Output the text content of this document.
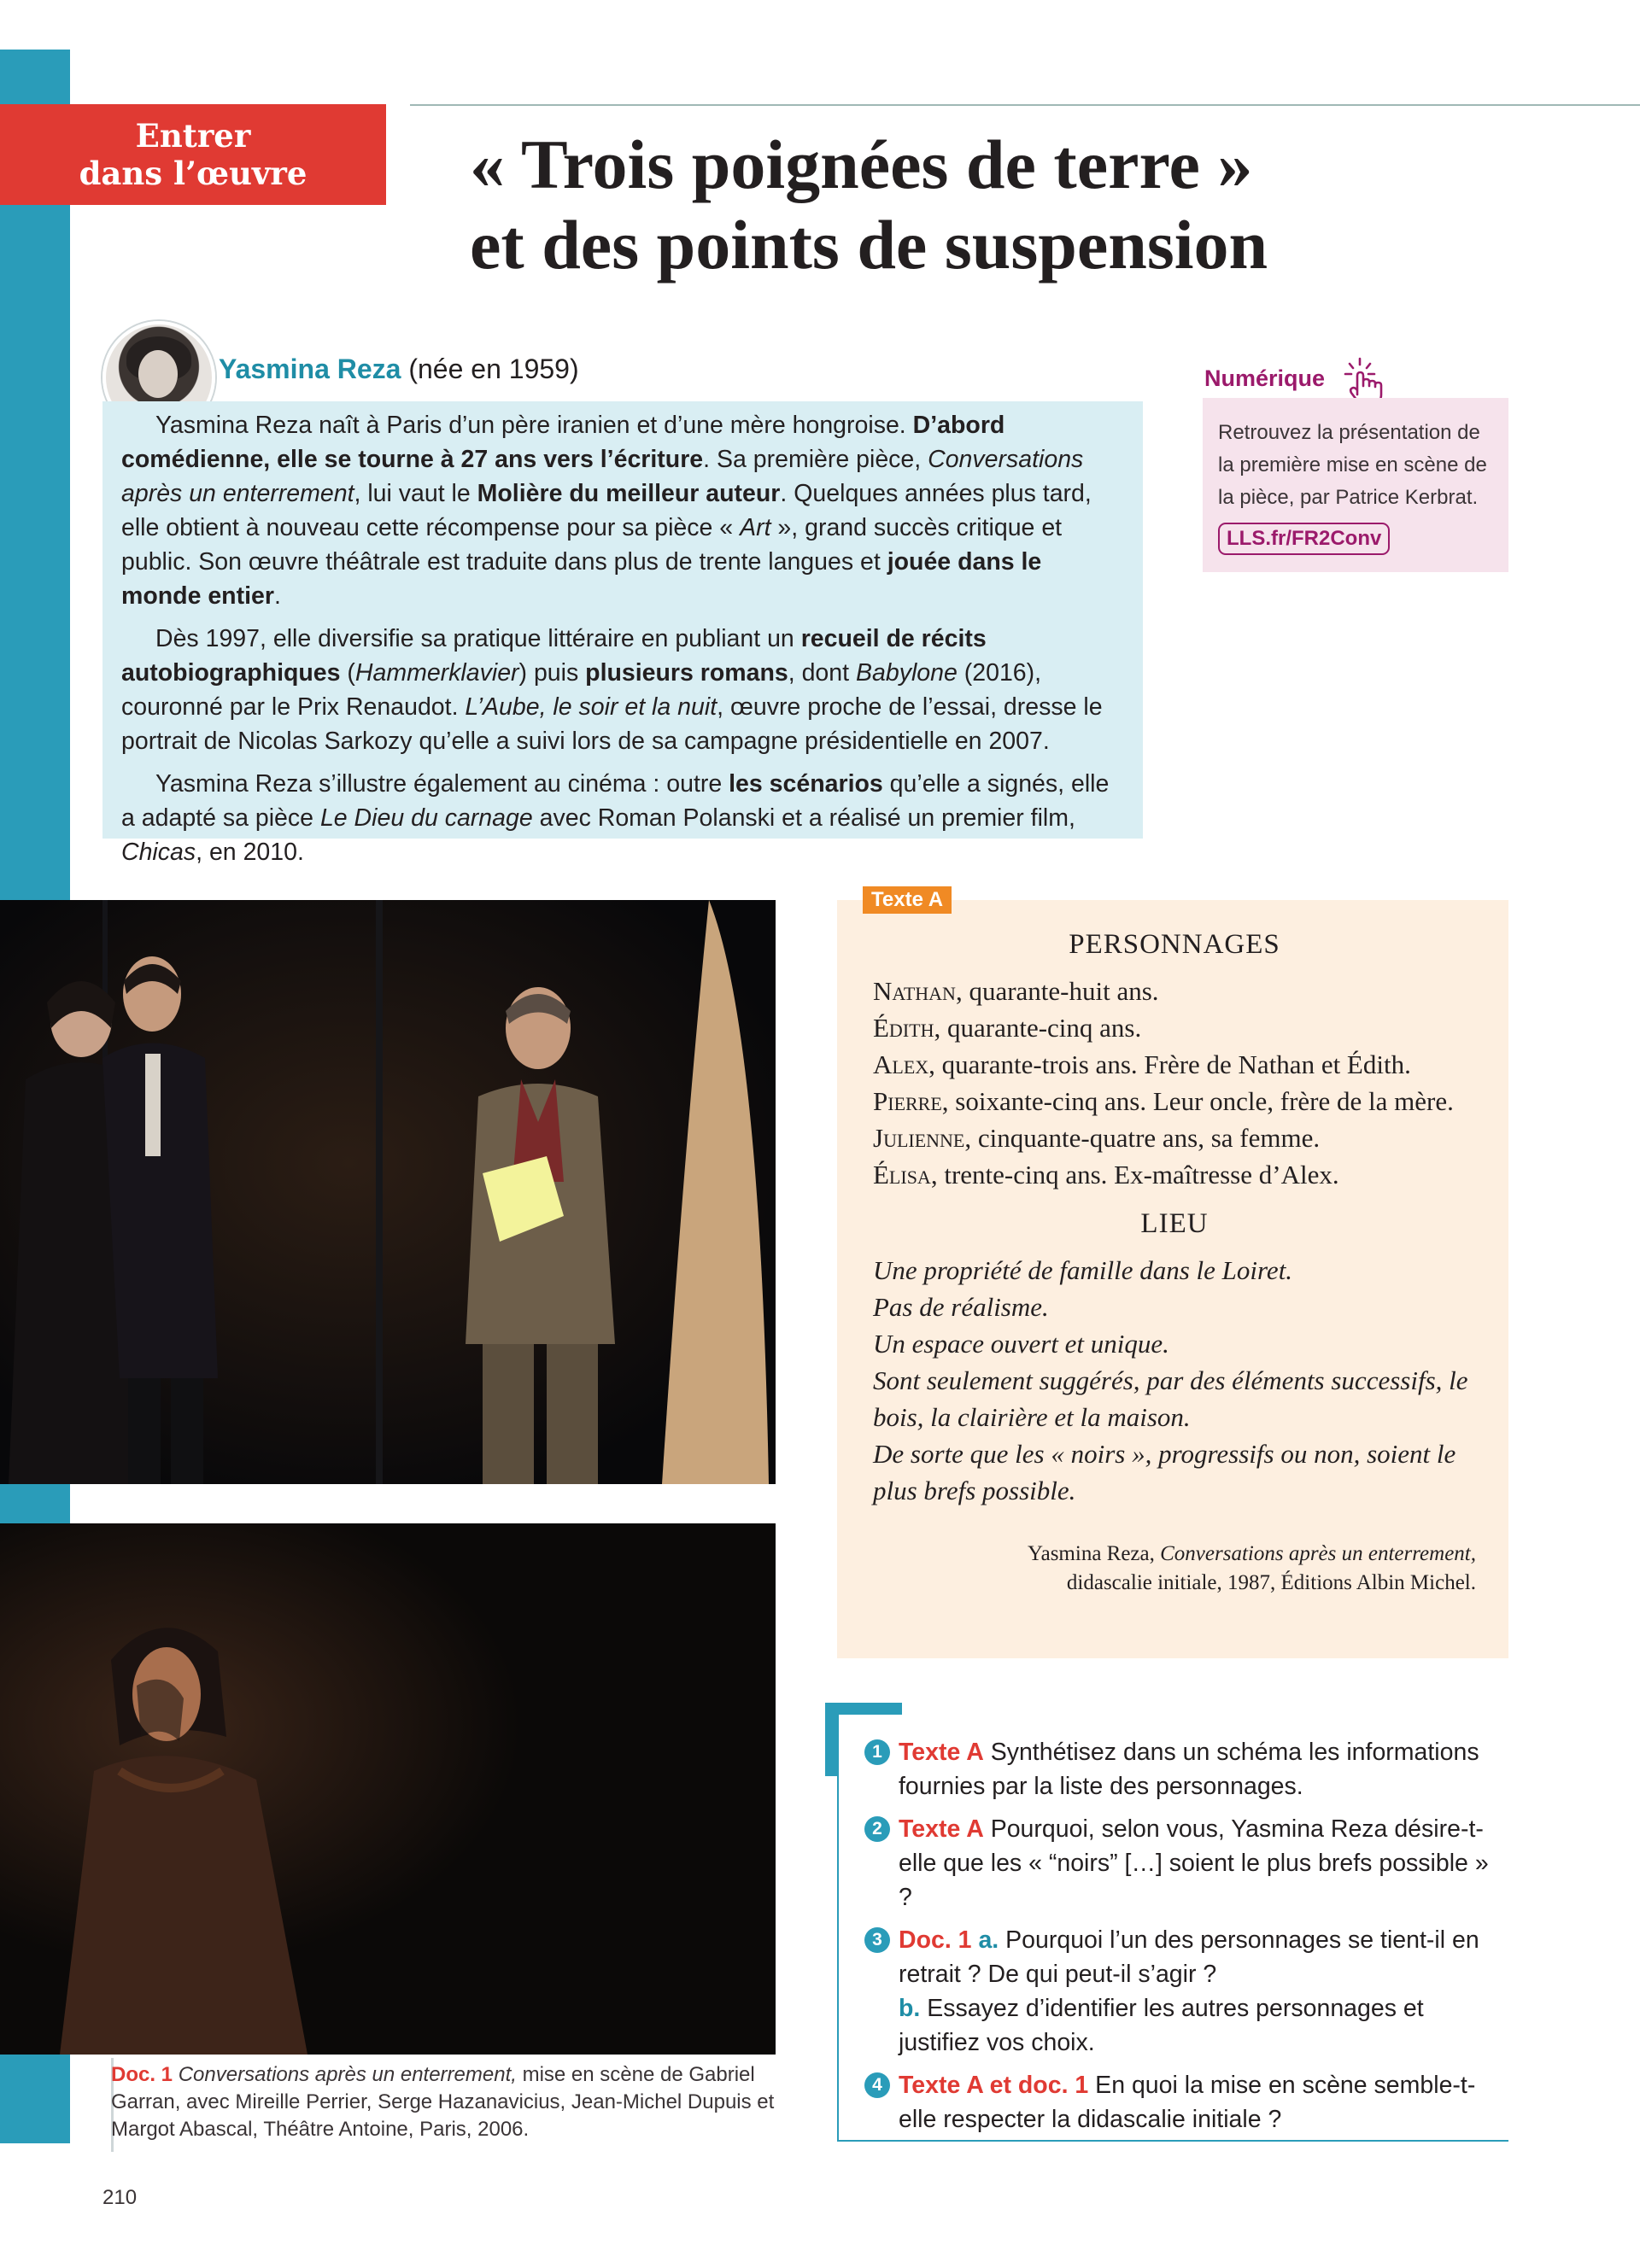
Entrer
dans l’œuvre	« Trois poignées de terre »
et des points de suspension
Yasmina Reza (née en 1959)

Yasmina Reza naît à Paris d’un père iranien et d’une mère hongroise. D’abord comédienne, elle se tourne à 27 ans vers l’écriture. Sa première pièce, Conversations après un enterrement, lui vaut le Molière du meilleur auteur. Quelques années plus tard, elle obtient à nouveau cette récompense pour sa pièce « Art », grand succès critique et public. Son œuvre théâtrale est traduite dans plus de trente langues et jouée dans le monde entier.

Dès 1997, elle diversifie sa pratique littéraire en publiant un recueil de récits autobiographiques (Hammerklavier) puis plusieurs romans, dont Babylone (2016), couronné par le Prix Renaudot. L’Aube, le soir et la nuit, œuvre proche de l’essai, dresse le portrait de Nicolas Sarkozy qu’elle a suivi lors de sa campagne présidentielle en 2007.

Yasmina Reza s’illustre également au cinéma : outre les scénarios qu’elle a signés, elle a adapté sa pièce Le Dieu du carnage avec Roman Polanski et a réalisé un premier film, Chicas, en 2010.

Numérique
Retrouvez la présentation de la première mise en scène de la pièce, par Patrice Kerbrat.
LLS.fr/FR2Conv
Doc. 1 Conversations après un enterrement, mise en scène de Gabriel Garran, avec Mireille Perrier, Serge Hazanavicius, Jean-Michel Dupuis et Margot Abascal, Théâtre Antoine, Paris, 2006.
PERSONNAGES
Nathan, quarante-huit ans.
Édith, quarante-cinq ans.
Alex, quarante-trois ans. Frère de Nathan et Édith.
Pierre, soixante-cinq ans. Leur oncle, frère de la mère.
Julienne, cinquante-quatre ans, sa femme.
Élisa, trente-cinq ans. Ex-maîtresse d’Alex.
LIEU
Une propriété de famille dans le Loiret.
Pas de réalisme.
Un espace ouvert et unique.
Sont seulement suggérés, par des éléments successifs, le bois, la clairière et la maison.
De sorte que les « noirs », progressifs ou non, soient le plus brefs possible.
Yasmina Reza, Conversations après un enterrement,
didascalie initiale, 1987, Éditions Albin Michel.
Texte A
1 Texte A Synthétisez dans un schéma les informations fournies par la liste des personnages.
2 Texte A Pourquoi, selon vous, Yasmina Reza désire-t-elle que les « “noirs” […] soient le plus brefs possible » ?
3 Doc. 1 a. Pourquoi l’un des personnages se tient-il en retrait ? De qui peut-il s’agir ?
b. Essayez d’identifier les autres personnages et justifiez vos choix.
4 Texte A et doc. 1 En quoi la mise en scène semble-t-elle respecter la didascalie initiale ?
210
